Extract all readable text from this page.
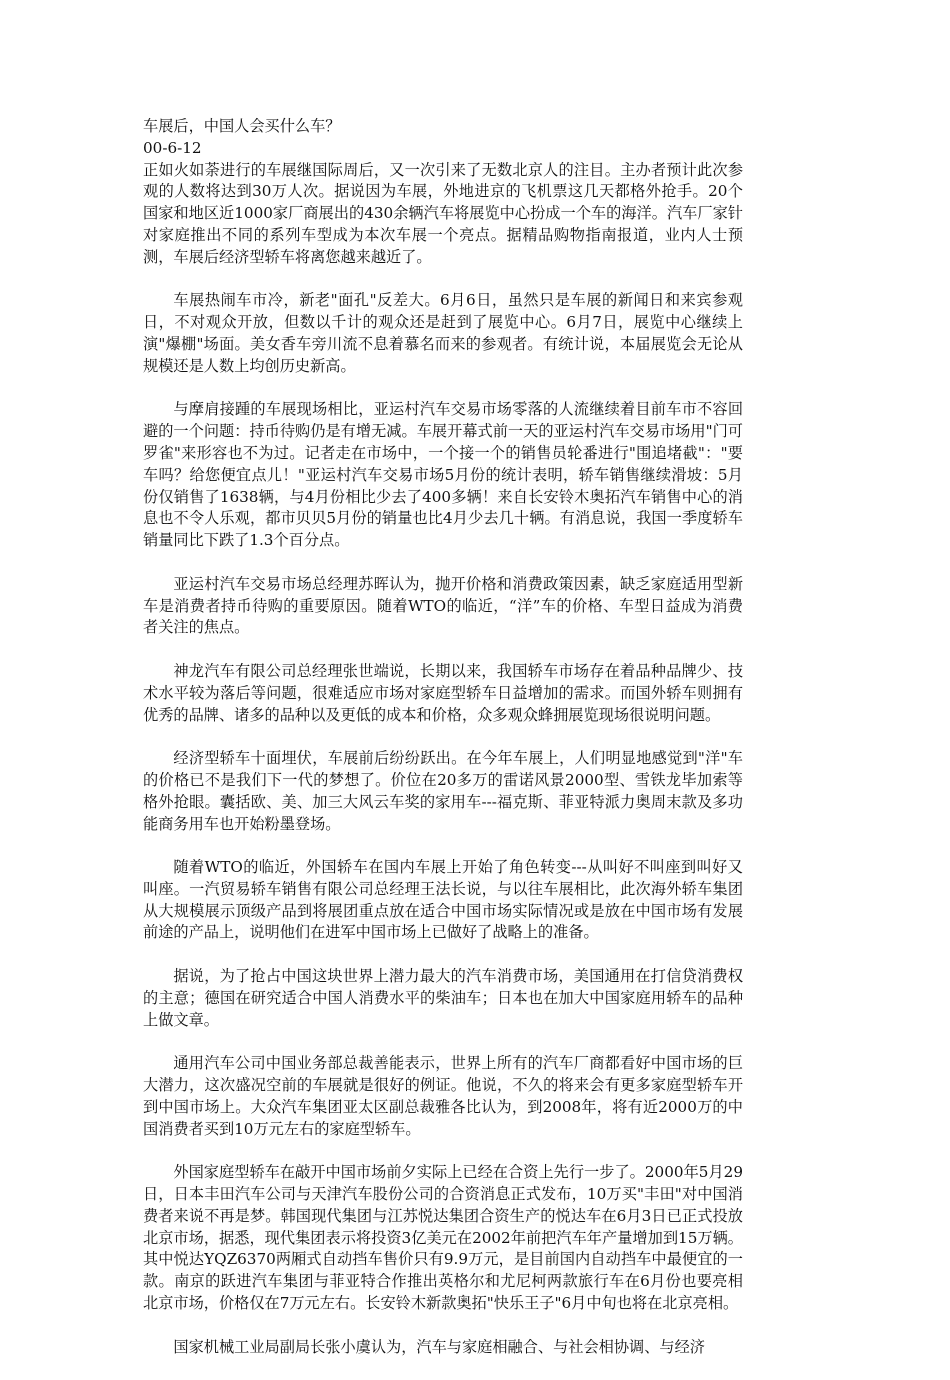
车展后，中国人会买什么车？

00-6-12

正如火如荼进行的车展继国际周后，又一次引来了无数北京人的注目。主办者预计此次参观的人数将达到30万人次。据说因为车展，外地进京的飞机票这几天都格外抢手。20个国家和地区近1000家厂商展出的430余辆汽车将展览中心扮成一个车的海洋。汽车厂家针对家庭推出不同的系列车型成为本次车展一个亮点。据精品购物指南报道，业内人士预测，车展后经济型轿车将离您越来越近了。

车展热闹车市冷，新老"面孔"反差大。6月6日，虽然只是车展的新闻日和来宾参观日，不对观众开放，但数以千计的观众还是赶到了展览中心。6月7日，展览中心继续上演"爆棚"场面。美女香车旁川流不息着慕名而来的参观者。有统计说，本届展览会无论从规模还是人数上均创历史新高。

与摩肩接踵的车展现场相比，亚运村汽车交易市场零落的人流继续着目前车市不容回避的一个问题：持币待购仍是有增无减。车展开幕式前一天的亚运村汽车交易市场用"门可罗雀"来形容也不为过。记者走在市场中，一个接一个的销售员轮番进行"围追堵截"："要车吗？给您便宜点儿！"亚运村汽车交易市场5月份的统计表明，轿车销售继续滑坡：5月份仅销售了1638辆，与4月份相比少去了400多辆！来自长安铃木奥拓汽车销售中心的消息也不令人乐观，都市贝贝5月份的销量也比4月少去几十辆。有消息说，我国一季度轿车销量同比下跌了1.3个百分点。

亚运村汽车交易市场总经理苏晖认为，抛开价格和消费政策因素，缺乏家庭适用型新车是消费者持币待购的重要原因。随着WTO的临近，“洋”车的价格、车型日益成为消费者关注的焦点。

神龙汽车有限公司总经理张世端说，长期以来，我国轿车市场存在着品种品牌少、技术水平较为落后等问题，很难适应市场对家庭型轿车日益增加的需求。而国外轿车则拥有优秀的品牌、诸多的品种以及更低的成本和价格，众多观众蜂拥展览现场很说明问题。

经济型轿车十面埋伏，车展前后纷纷跃出。在今年车展上，人们明显地感觉到"洋"车的价格已不是我们下一代的梦想了。价位在20多万的雷诺风景2000型、雪铁龙毕加索等格外抢眼。囊括欧、美、加三大风云车奖的家用车---福克斯、菲亚特派力奥周末款及多功能商务用车也开始粉墨登场。

随着WTO的临近，外国轿车在国内车展上开始了角色转变---从叫好不叫座到叫好又叫座。一汽贸易轿车销售有限公司总经理王法长说，与以往车展相比，此次海外轿车集团从大规模展示顶级产品到将展团重点放在适合中国市场实际情况或是放在中国市场有发展前途的产品上，说明他们在进军中国市场上已做好了战略上的准备。

据说，为了抢占中国这块世界上潜力最大的汽车消费市场，美国通用在打信贷消费权的主意；德国在研究适合中国人消费水平的柴油车；日本也在加大中国家庭用轿车的品种上做文章。

通用汽车公司中国业务部总裁善能表示，世界上所有的汽车厂商都看好中国市场的巨大潜力，这次盛况空前的车展就是很好的例证。他说，不久的将来会有更多家庭型轿车开到中国市场上。大众汽车集团亚太区副总裁雅各比认为，到2008年，将有近2000万的中国消费者买到10万元左右的家庭型轿车。

外国家庭型轿车在敲开中国市场前夕实际上已经在合资上先行一步了。2000年5月29日，日本丰田汽车公司与天津汽车股份公司的合资消息正式发布，10万买"丰田"对中国消费者来说不再是梦。韩国现代集团与江苏悦达集团合资生产的悦达车在6月3日已正式投放北京市场，据悉，现代集团表示将投资3亿美元在2002年前把汽车年产量增加到15万辆。其中悦达YQZ6370两厢式自动挡车售价只有9.9万元，是目前国内自动挡车中最便宜的一款。南京的跃进汽车集团与菲亚特合作推出英格尔和尤尼柯两款旅行车在6月份也要亮相北京市场，价格仅在7万元左右。长安铃木新款奥拓"快乐王子"6月中旬也将在北京亮相。

国家机械工业局副局长张小虞认为，汽车与家庭相融合、与社会相协调、与经济
